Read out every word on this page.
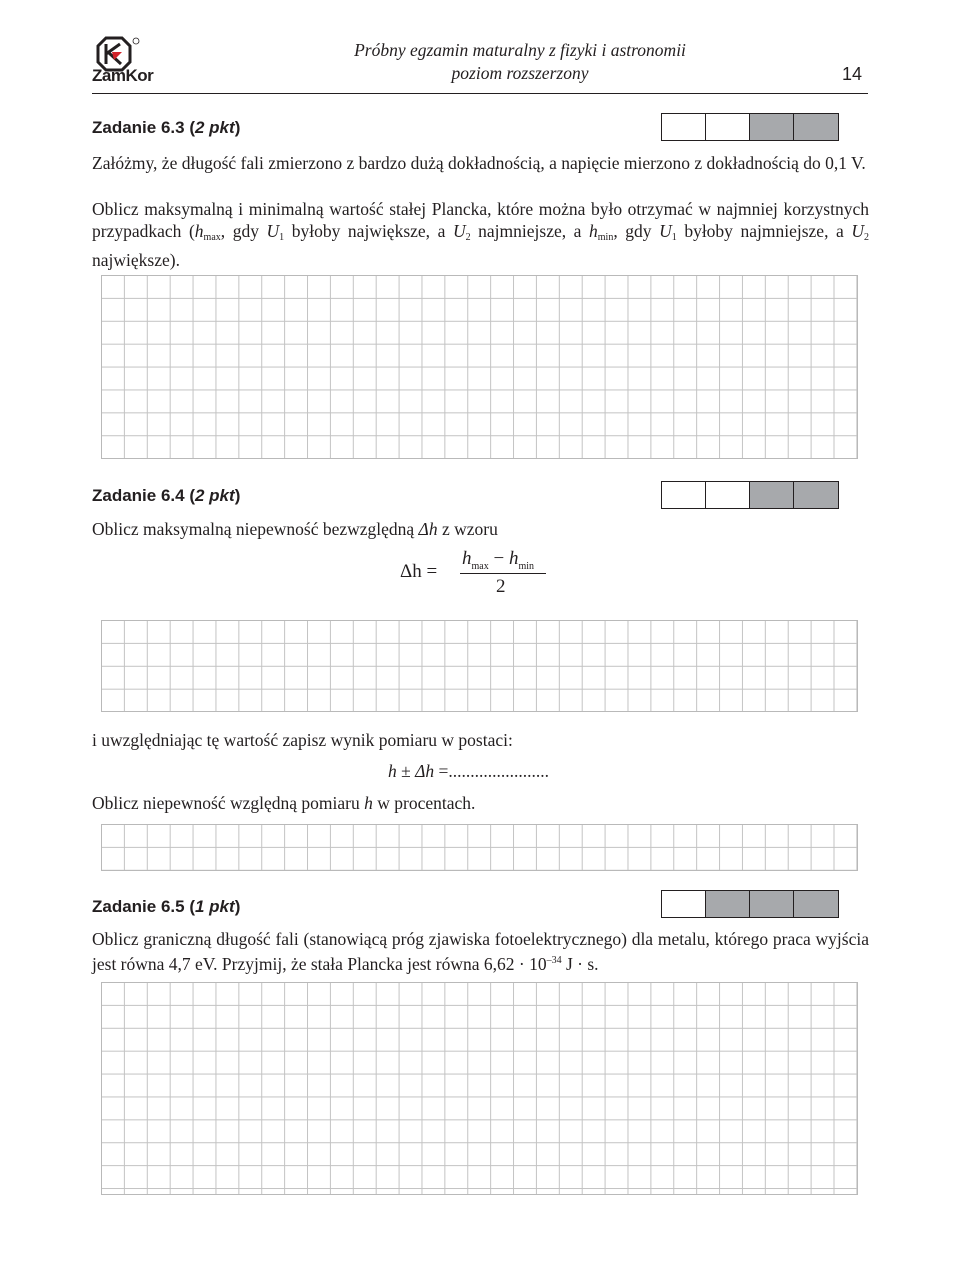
ZamKor
Próbny egzamin maturalny z fizyki i astronomii
poziom rozszerzony	14
Zadanie 6.3 (2 pkt)
Załóżmy, że długość fali zmierzono z bardzo dużą dokładnością, a napięcie mierzono z dokładnością do 0,1 V.
Oblicz maksymalną i minimalną wartość stałej Plancka, które można było otrzymać w najmniej korzystnych przypadkach ($h_{max}$, gdy $U_1$ byłoby największe, a $U_2$ najmniejsze, a $h_{min}$, gdy $U_1$ byłoby najmniejsze, a $U_2$ największe).
Zadanie 6.4 (2 pkt)
Oblicz maksymalną niepewność bezwzględną Δh z wzoru
Δh =
$h_{max} - h_{min}$
2
i uwzględniając tę wartość zapisz wynik pomiaru w postaci:
h ± Δh =.......................
Oblicz niepewność względną pomiaru h w procentach.
Zadanie 6.5 (1 pkt)
Oblicz graniczną długość fali (stanowiącą próg zjawiska fotoelektrycznego) dla metalu, którego praca wyjścia jest równa 4,7 eV. Przyjmij, że stała Plancka jest równa $6,62 \cdot 10^{-34}$ J · s.
